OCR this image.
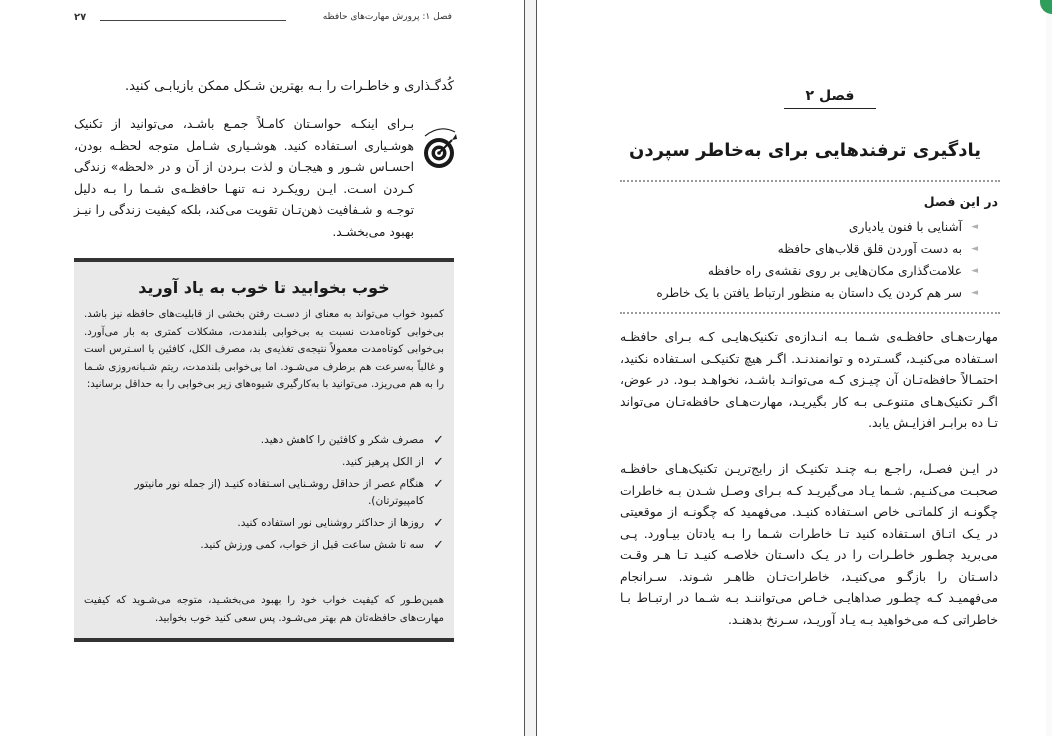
۲۷	فصل ۱: پرورش مهارت‌های حافظه
کُدگـذاری و خاطـرات را بـه بهترین شـکل ممکن بازیابـی کنید.
بـرای اینکـه حواسـتان کامـلاً جمـع باشـد، می‌توانید از تکنیک هوشـیاری اسـتفاده کنید. هوشـیاری شـامل متوجه لحظـه بودن، احسـاس شـور و هیجـان و لذت بـردن از آن و در «لحظه» زندگی کـردن اسـت. ایـن رویکـرد نـه تنهـا حافظـه‌ی شـما را بـه دلیل توجـه و شـفافیت ذهن‌تـان تقویت می‌کند، بلکه کیفیت زندگی را نیـز بهبود می‌بخشـد.
خوب بخوابید تا خوب به یاد آورید
کمبود خواب می‌تواند به معنای از دسـت رفتن بخشی از قابلیت‌های حافظه نیز باشد. بی‌خوابی کوتاه‌مدت نسبت به بی‌خوابی بلندمدت، مشکلات کمتری به بار می‌آورد. بی‌خوابی کوتاه‌مدت معمولاً نتیجه‌ی تغذیه‌ی بد، مصرف الکل، کافئین یا اسـترس است و غالباً به‌سرعت هم برطرف می‌شـود. اما بی‌خوابی بلندمدت، ریتم شـبانه‌روزی شـما را به هم می‌ریزد. می‌توانید با به‌کارگیری شیوه‌های زیر بی‌خوابی را به حداقل برسانید:
✓
مصرف شکر و کافئین را کاهش دهید.
✓
از الکل پرهیز کنید.
✓
هنگام عصر از حداقل روشـنایی اسـتفاده کنیـد (از جمله نور مانیتور کامپیوترتان).
✓
روزها از حداکثر روشنایی نور استفاده کنید.
✓
سه تا شش ساعت قبل از خواب، کمی ورزش کنید.
همین‌طـور که کیفیت خواب خود را بهبود می‌بخشـید، متوجه می‌شـوید که کیفیت مهارت‌های حافظه‌تان هم بهتر می‌شـود. پس سعی کنید خوب بخوابید.
فصل ۲
یادگیری ترفندهایی برای به‌خاطر سپردن
در این فصل
◄
آشنایی با فنون یادیاری
◄
به دست آوردن قلق قلاب‌های حافظه
◄
علامت‌گذاری مکان‌هایی بر روی نقشه‌ی راه حافظه
◄
سر هم کردن یک داستان به منظور ارتباط یافتن با یک خاطره
مهارت‌هـای حافظـه‌ی شـما بـه انـدازه‌ی تکنیک‌هایـی کـه بـرای حافظـه اسـتفاده می‌کنیـد، گسـترده و توانمندنـد. اگـر هیچ تکنیکـی اسـتفاده نکنید، احتمـالاً حافظه‌تـان آن چیـزی کـه می‌توانـد باشـد، نخواهـد بـود. در عوض، اگـر تکنیک‌هـای متنوعـی بـه کار بگیریـد، مهارت‌هـای حافظه‌تـان می‌تواند تـا ده برابـر افزایـش یابد.
در ایـن فصـل، راجـع بـه چنـد تکنیـک از رایج‌تریـن تکنیک‌هـای حافظـه صحبـت می‌کنـیم. شـما یـاد می‌گیریـد کـه بـرای وصـل شـدن بـه خاطرات چگونـه از کلماتـی خاص اسـتفاده کنیـد. می‌فهمید که چگونـه از موقعیتی در یـک اتـاق اسـتفاده کنید تـا خاطرات شـما را بـه یادتان بیـاورد. پـی می‌برید چطـور خاطـرات را در یـک داسـتان خلاصـه کنیـد تـا هـر وقـت داسـتان را بازگـو می‌کنیـد، خاطرات‌تـان ظاهـر شـوند. سـرانجام می‌فهمیـد کـه چطـور صداهایـی خـاص می‌تواننـد بـه شـما در ارتبـاط بـا خاطراتی کـه می‌خواهید بـه یـاد آوریـد، سـرنخ بدهنـد.
